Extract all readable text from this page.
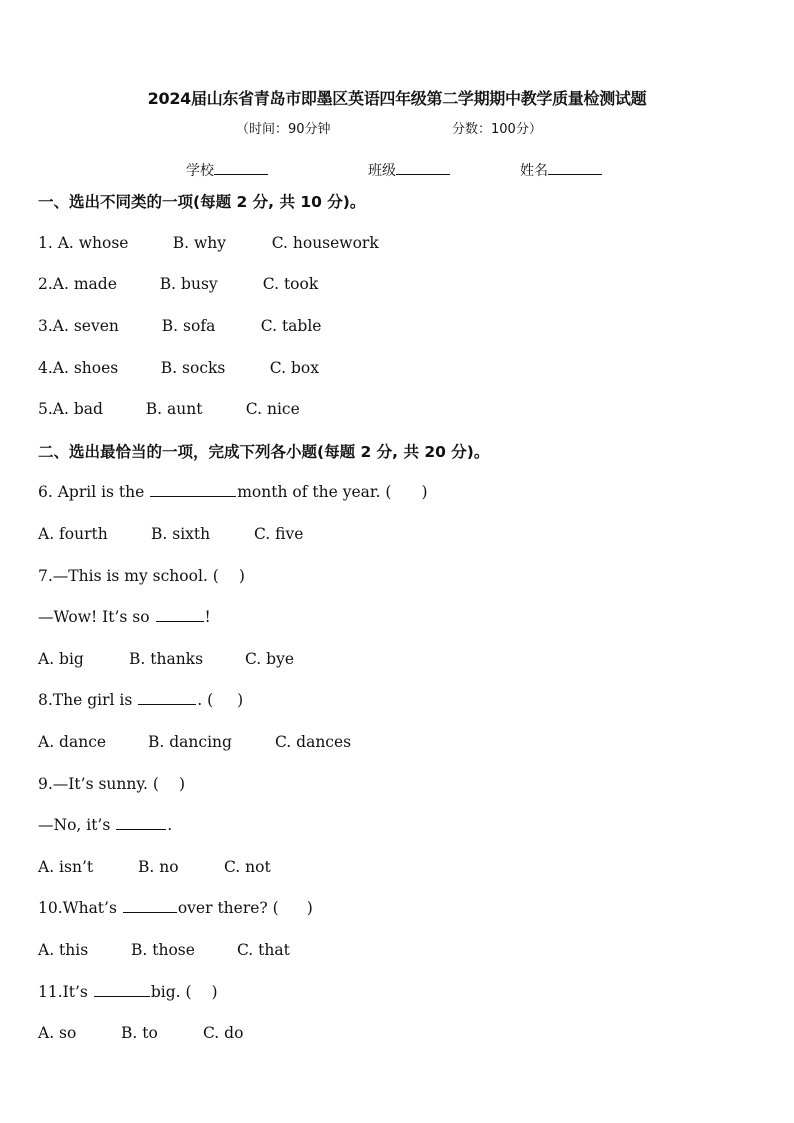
2024届山东省青岛市即墨区英语四年级第二学期期中教学质量检测试题
（时间：90分钟	分数：100分）
学校	班级	姓名
一、选出不同类的一项(每题 2 分, 共 10 分)。
1. A. whose	B. why	C. housework
2.A. made	B. busy	C. took
3.A. seven	B. sofa	C. table
4.A. shoes	B. socks	C. box
5.A. bad	B. aunt	C. nice
二、选出最恰当的一项，完成下列各小题(每题 2 分, 共 20 分)。
6. April is the	month of the year. ( )
A. fourth	B. sixth	C. five
7.—This is my school. ( )
—Wow! It’s so	!
A. big	B. thanks	C. bye
8.The girl is	. ( )
A. dance	B. dancing	C. dances
9.—It’s sunny. ( )
—No, it’s	.
A. isn’t	B. no	C. not
10.What’s	over there? ( )
A. this	B. those	C. that
11.It’s	big. ( )
A. so	B. to	C. do
